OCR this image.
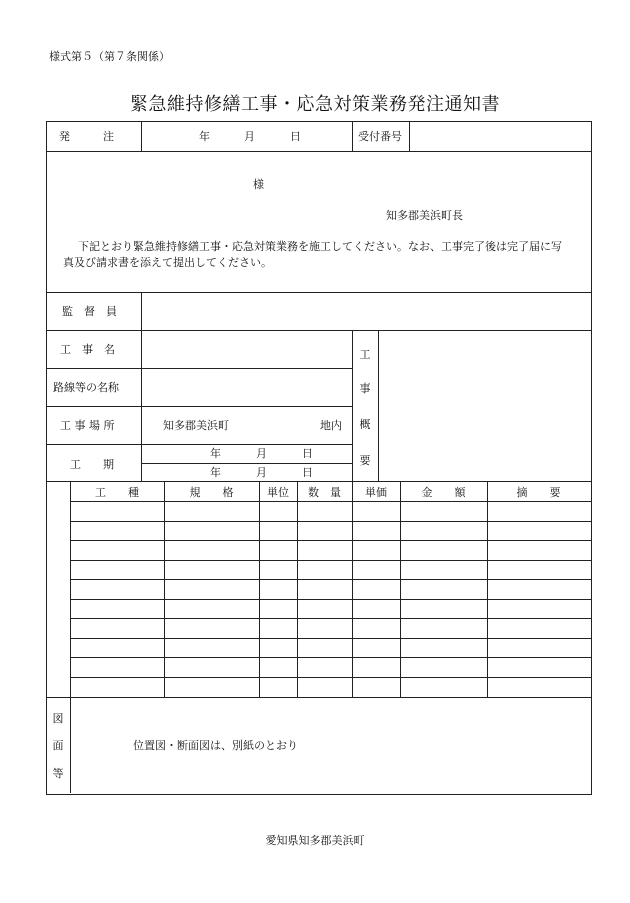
様式第５（第７条関係）
緊急維持修繕工事・応急対策業務発注通知書
発　　　注	年	月	日	受付番号
様
知多郡美浜町長
下記とおり緊急維持修繕工事・応急対策業務を施工してください。なお、工事完了後は完了届に写
真及び請求書を添えて提出してください。
監　督　員
工　事　名
路線等の名称
工 事 場 所	知多郡美浜町	地内
工　　期
年	月	日
年	月	日
工
事
概
要
工　　種	規　　格	単位	数　量	単価	金　　額	摘　　要
図
面
等
位置図・断面図は、別紙のとおり
愛知県知多郡美浜町
